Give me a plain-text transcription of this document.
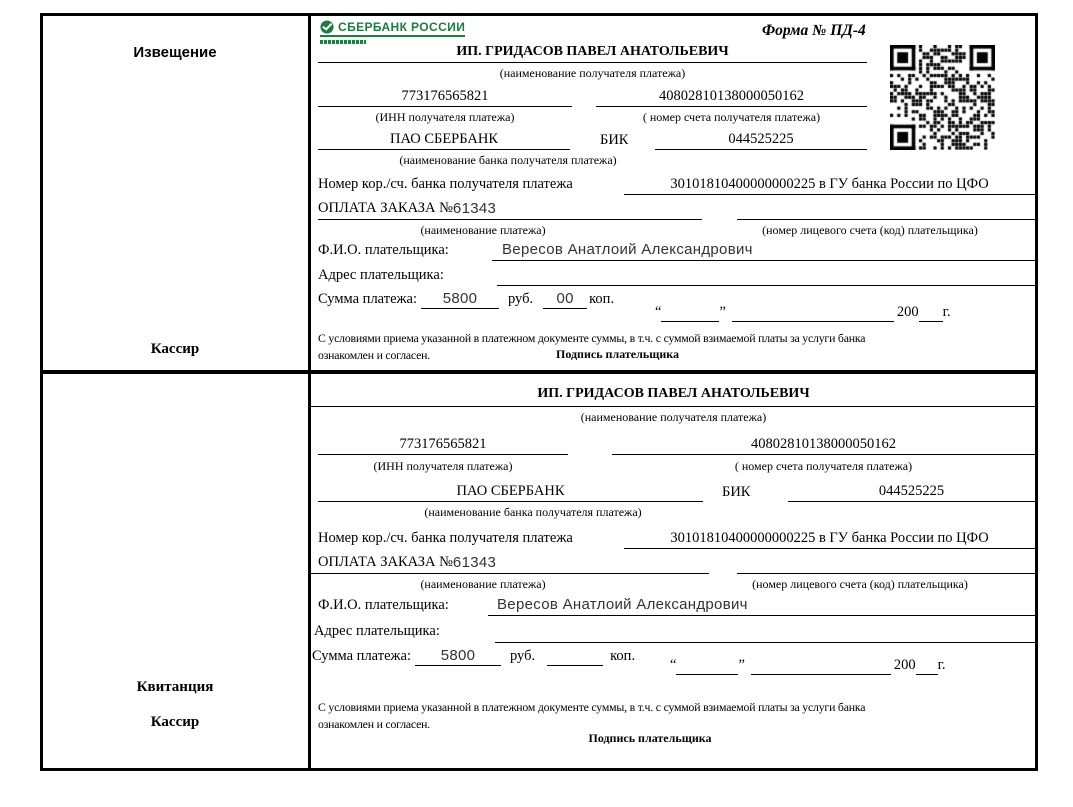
Извещение
Кассир
СБЕРБАНК РОССИИ	Форма № ПД-4
ИП. ГРИДАСОВ ПАВЕЛ АНАТОЛЬЕВИЧ
(наименование получателя платежа)
773176565821	40802810138000050162
(ИНН получателя платежа)	( номер счета получателя платежа)
ПАО СБЕРБАНК	БИК	044525225
(наименование банка получателя платежа)
Номер кор./сч. банка получателя платежа	30101810400000000225 в ГУ банка России по ЦФО
ОПЛАТА ЗАКАЗА № 61343
(наименование платежа)	(номер лицевого счета (код) плательщика)
Ф.И.О. плательщика:	Вересов Анатлоий Александрович
Адрес плательщика:
Сумма платежа:	5800	руб.	00	коп.
“	”	200 г.
С условиями приема указанной в платежном документе суммы, в т.ч. с суммой взимаемой платы за услуги банка
ознакомлен и согласен.	Подпись плательщика
Квитанция
Кассир
ИП. ГРИДАСОВ ПАВЕЛ АНАТОЛЬЕВИЧ
(наименование получателя платежа)
773176565821	40802810138000050162
(ИНН получателя платежа)	( номер счета получателя платежа)
ПАО СБЕРБАНК	БИК	044525225
(наименование банка получателя платежа)
Номер кор./сч. банка получателя платежа	30101810400000000225 в ГУ банка России по ЦФО
ОПЛАТА ЗАКАЗА № 61343
(наименование платежа)	(номер лицевого счета (код) плательщика)
Ф.И.О. плательщика:	Вересов Анатлоий Александрович
Адрес плательщика:
Сумма платежа:	5800	руб.	коп.
“	”	200 г.
С условиями приема указанной в платежном документе суммы, в т.ч. с суммой взимаемой платы за услуги банка
ознакомлен и согласен.
Подпись плательщика
